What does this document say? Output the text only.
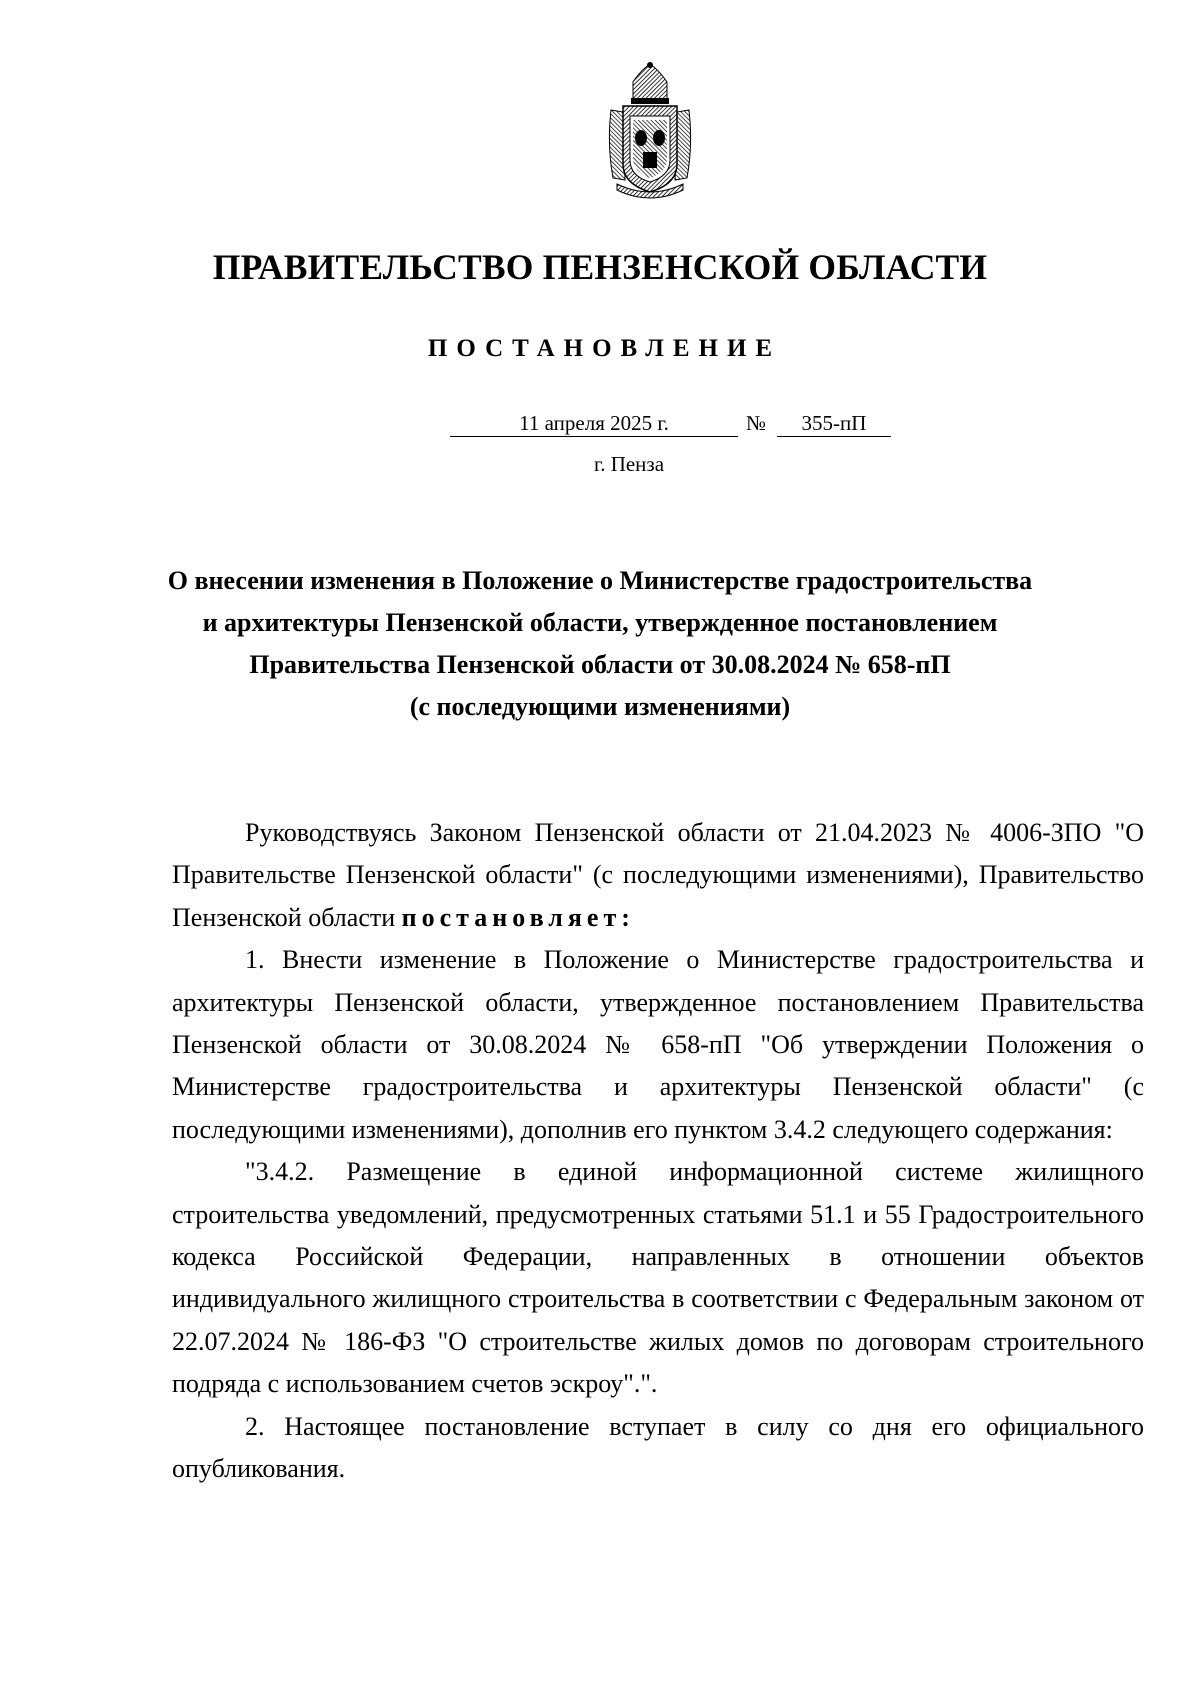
ПРАВИТЕЛЬСТВО ПЕНЗЕНСКОЙ ОБЛАСТИ
ПОСТАНОВЛЕНИЕ
11 апреля 2025 г.	№	355-пП
г. Пенза
О внесении изменения в Положение о Министерстве градостроительства
и архитектуры Пензенской области, утвержденное постановлением
Правительства Пензенской области от 30.08.2024 № 658-пП
(с последующими изменениями)

Руководствуясь Законом Пензенской области от 21.04.2023 № 4006-ЗПО "О Правительстве Пензенской области" (с последующими изменениями), Правительство Пензенской области постановляет:

1. Внести изменение в Положение о Министерстве градостроительства и архитектуры Пензенской области, утвержденное постановлением Правительства Пензенской области от 30.08.2024 № 658-пП "Об утверждении Положения о Министерстве градостроительства и архитектуры Пензенской области" (с последующими изменениями), дополнив его пунктом 3.4.2 следующего содержания:

"3.4.2. Размещение в единой информационной системе жилищного строительства уведомлений, предусмотренных статьями 51.1 и 55 Градостроительного кодекса Российской Федерации, направленных в отношении объектов индивидуального жилищного строительства в соответствии с Федеральным законом от 22.07.2024 № 186-ФЗ "О строительстве жилых домов по договорам строительного подряда с использованием счетов эскроу".".

2. Настоящее постановление вступает в силу со дня его официального опубликования.
